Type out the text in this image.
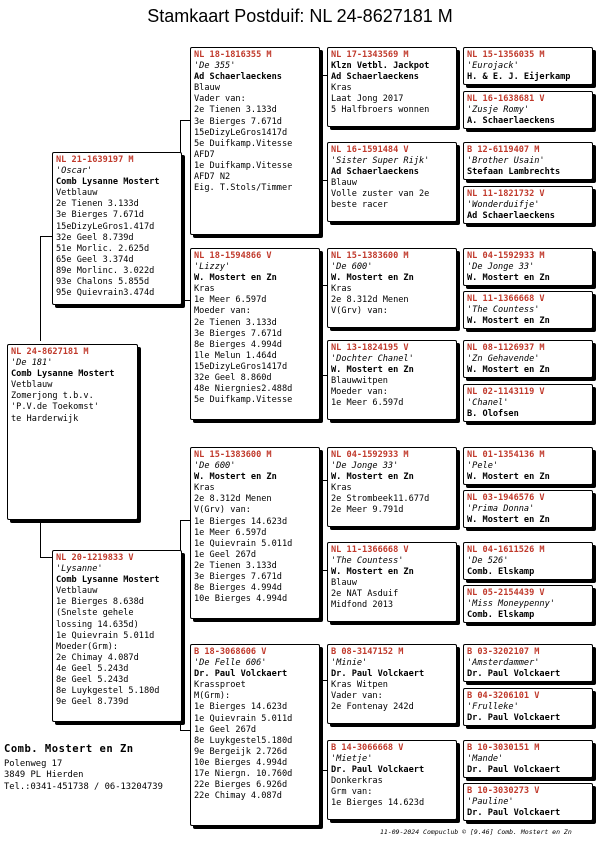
Stamkaart Postduif: NL 24-8627181 M
NL 24-8627181 M
'De 181'
Comb Lysanne Mostert
Vetblauw
Zomerjong t.b.v.
'P.V.de Toekomst'
te Harderwijk
NL 21-1639197 M
'Oscar'
Comb Lysanne Mostert
Vetblauw
2e Tienen 3.133d
3e Bierges 7.671d
15eDizyLeGros1.417d
32e Geel 8.739d
51e Morlic. 2.625d
65e Geel 3.374d
89e Morlinc. 3.022d
93e Chalons 5.855d
95e Quievrain3.474d
NL 20-1219833 V
'Lysanne'
Comb Lysanne Mostert
Vetblauw
1e Bierges 8.638d
(Snelste gehele
lossing 14.635d)
1e Quievrain 5.011d
Moeder(Grm):
2e Chimay 4.087d
4e Geel 5.243d
8e Geel 5.243d
8e Luykgestel 5.180d
9e Geel 8.739d
NL 18-1816355 M
'De 355'
Ad Schaerlaeckens
Blauw
Vader van:
2e Tienen 3.133d
3e Bierges 7.671d
15eDizyLeGros1417d
5e Duifkamp.Vitesse
AFD7
1e Duifkamp.Vitesse
AFD7 N2
Eig. T.Stols/Timmer
NL 18-1594866 V
'Lizzy'
W. Mostert en Zn
Kras
1e Meer 6.597d
Moeder van:
2e Tienen 3.133d
3e Bierges 7.671d
8e Bierges 4.994d
1le Melun 1.464d
15eDizyLeGros1417d
32e Geel 8.860d
48e Niergnies2.488d
5e Duifkamp.Vitesse
NL 15-1383600 M
'De 600'
W. Mostert en Zn
Kras
2e 8.312d Menen
V(Grv) van:
1e Bierges 14.623d
1e Meer 6.597d
1e Quievrain 5.011d
1e Geel 267d
2e Tienen 3.133d
3e Bierges 7.671d
8e Bierges 4.994d
10e Bierges 4.994d
B 18-3068606 V
'De Felle 606'
Dr. Paul Volckaert
Krassproet
M(Grm):
1e Bierges 14.623d
1e Quievrain 5.011d
1e Geel 267d
8e Luykgestel5.180d
9e Bergeijk 2.726d
10e Bierges 4.994d
17e Niergn. 10.760d
22e Bierges 6.926d
22e Chimay 4.087d
NL 17-1343569 M
Klzn Vetbl. Jackpot
Ad Schaerlaeckens
Kras
Laat Jong 2017
5 Halfbroers wonnen
NL 16-1591484 V
'Sister Super Rijk'
Ad Schaerlaeckens
Blauw
Volle zuster van 2e
beste racer
NL 15-1383600 M
'De 600'
W. Mostert en Zn
Kras
2e 8.312d Menen
V(Grv) van:
NL 13-1824195 V
'Dochter Chanel'
W. Mostert en Zn
Blauwwitpen
Moeder van:
1e Meer 6.597d
NL 04-1592933 M
'De Jonge 33'
W. Mostert en Zn
Kras
2e Strombeek11.677d
2e Meer 9.791d
NL 11-1366668 V
'The Countess'
W. Mostert en Zn
Blauw
2e NAT Asduif
Midfond 2013
B 08-3147152 M
'Minie'
Dr. Paul Volckaert
Kras Witpen
Vader van:
2e Fontenay 242d
B 14-3066668 V
'Mietje'
Dr. Paul Volckaert
Donkerkras
Grm van:
1e Bierges 14.623d
NL 15-1356035 M
'Eurojack'
H. & E. J. Eijerkamp
NL 16-1638681 V
'Zusje Romy'
A. Schaerlaeckens
B 12-6119407 M
'Brother Usain'
Stefaan Lambrechts
NL 11-1821732 V
'Wonderduifje'
Ad Schaerlaeckens
NL 04-1592933 M
'De Jonge 33'
W. Mostert en Zn
NL 11-1366668 V
'The Countess'
W. Mostert en Zn
NL 08-1126937 M
'Zn Gehavende'
W. Mostert en Zn
NL 02-1143119 V
'Chanel'
B. Olofsen
NL 01-1354136 M
'Pele'
W. Mostert en Zn
NL 03-1946576 V
'Prima Donna'
W. Mostert en Zn
NL 04-1611526 M
'De 526'
Comb. Elskamp
NL 05-2154439 V
'Miss Moneypenny'
Comb. Elskamp
B 03-3202107 M
'Amsterdammer'
Dr. Paul Volckaert
B 04-3206101 V
'Frulleke'
Dr. Paul Volckaert
B 10-3030151 M
'Mande'
Dr. Paul Volckaert
B 10-3030273 V
'Pauline'
Dr. Paul Volckaert
Comb. Mostert en Zn
Polenweg 17
3849 PL Hierden
Tel.:0341-451738 / 06-13204739
11-09-2024 Compuclub © [9.46] Comb. Mostert en Zn
